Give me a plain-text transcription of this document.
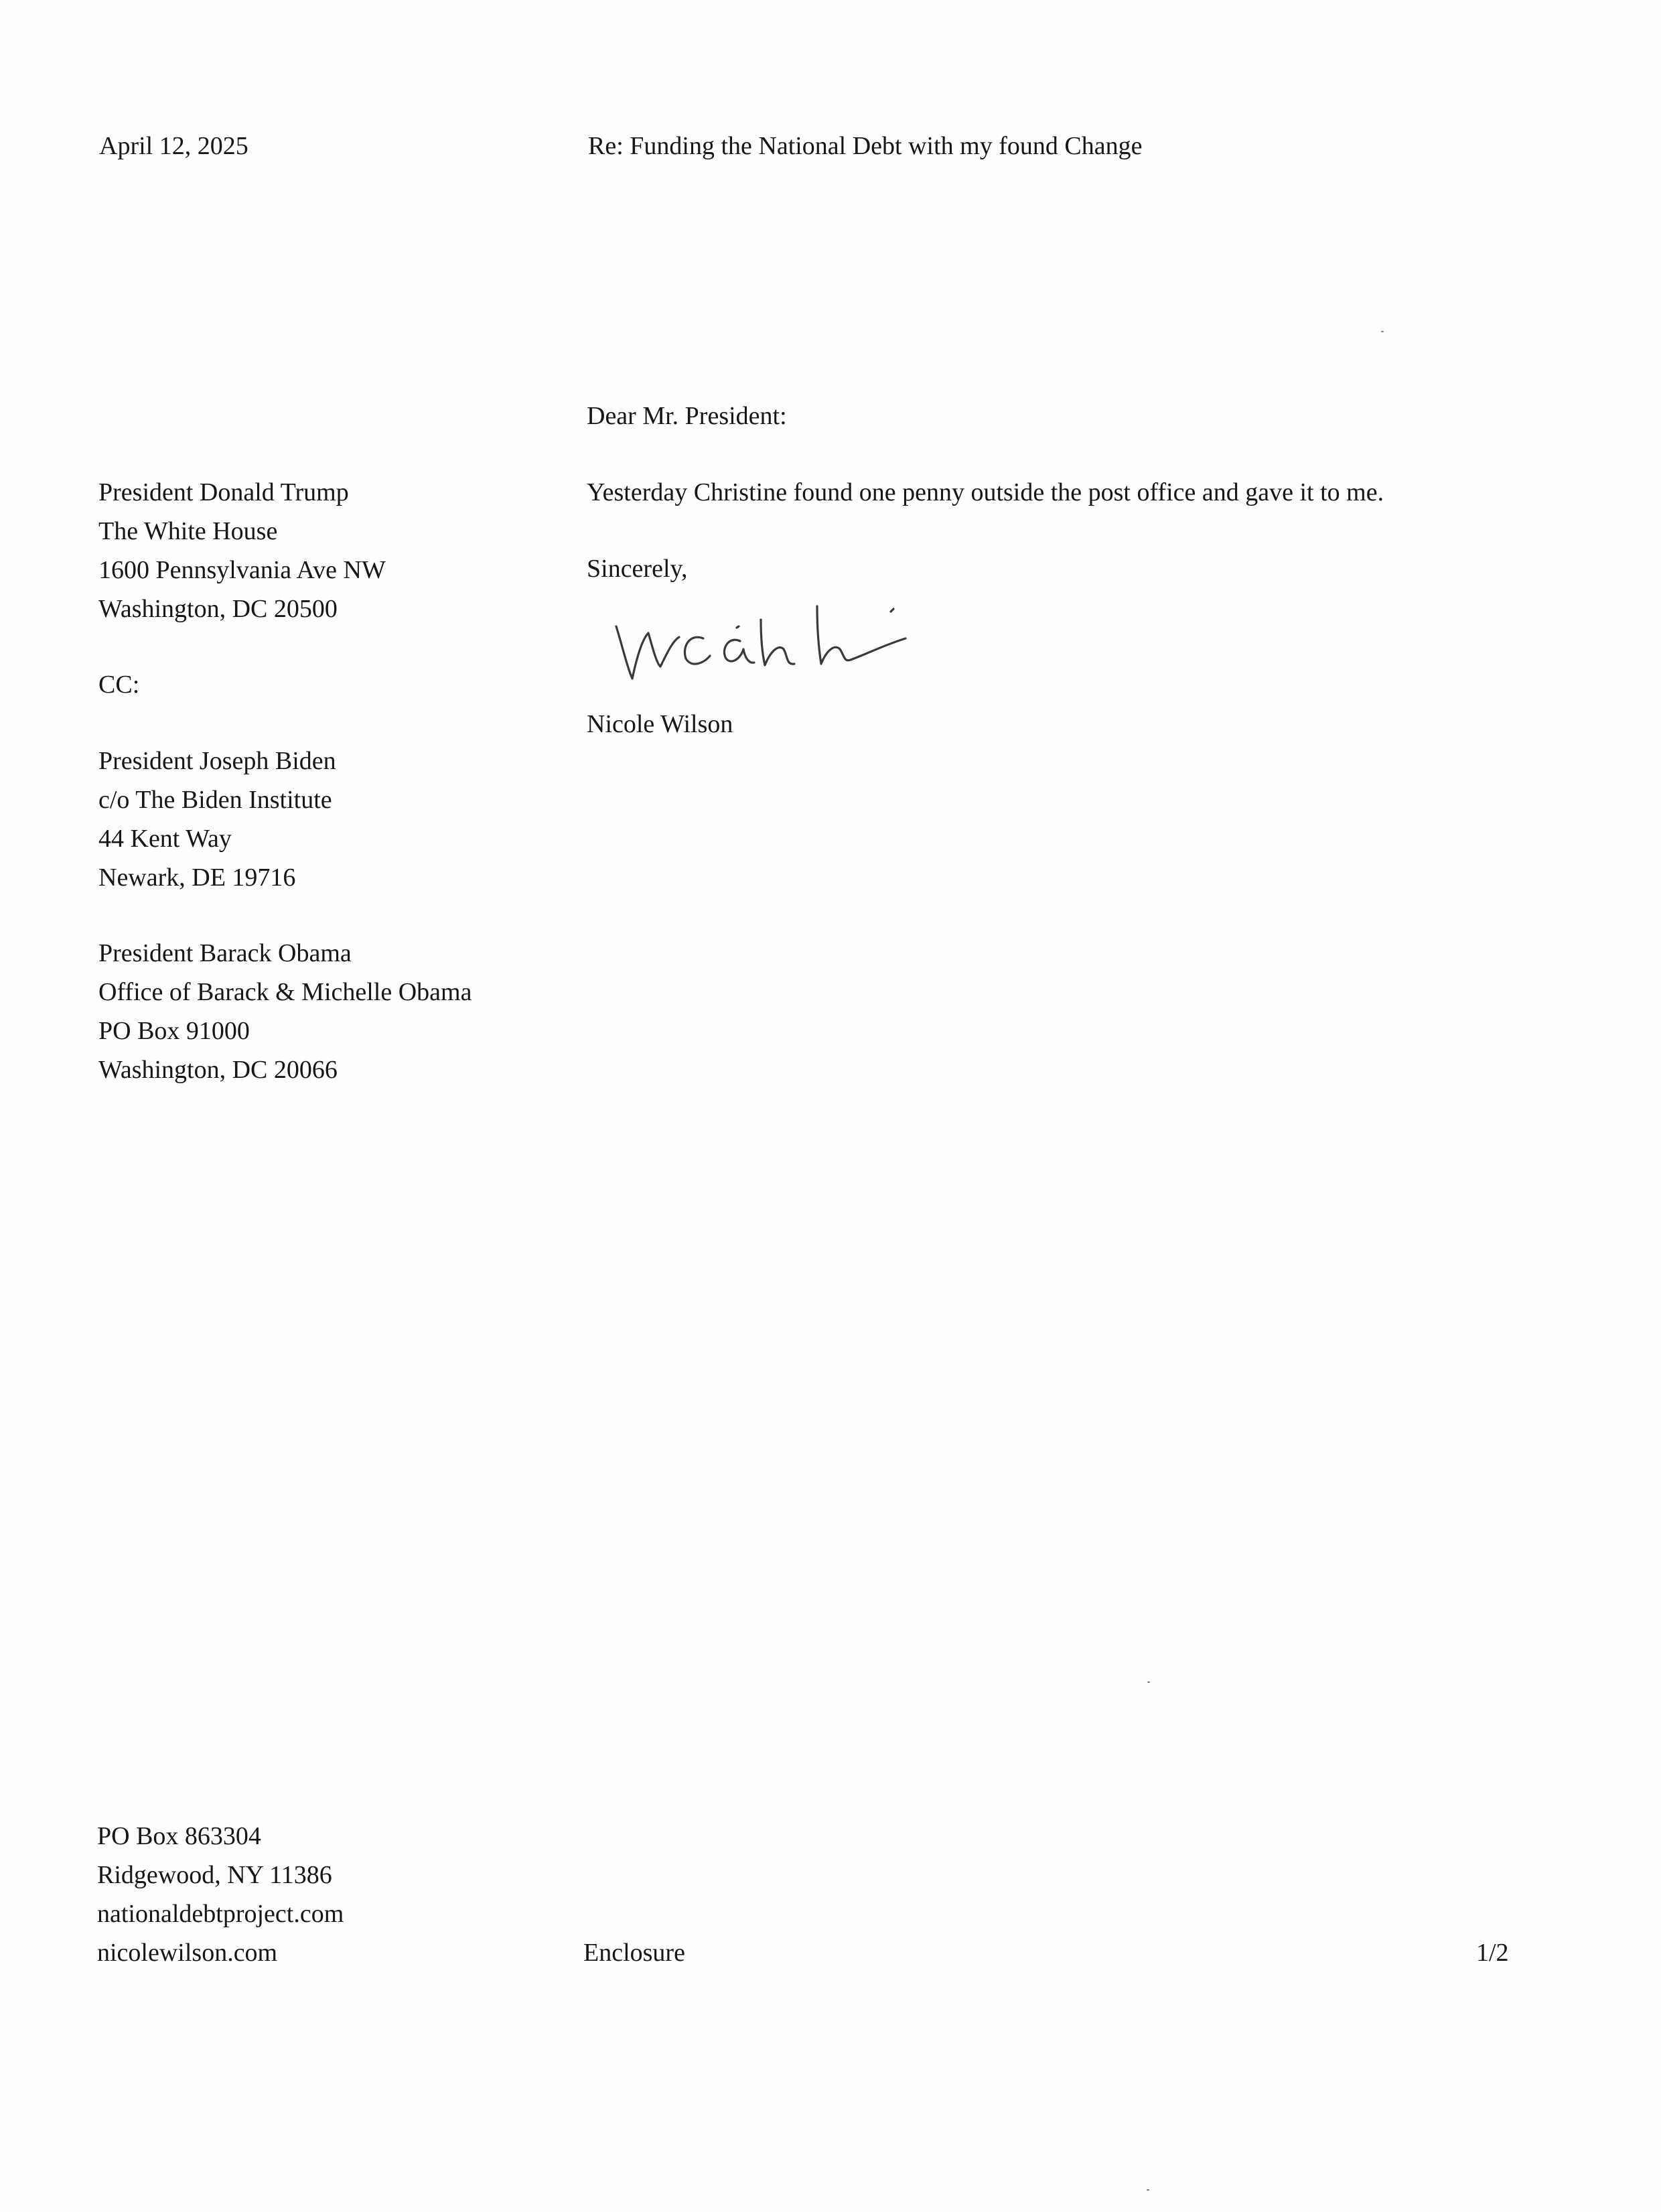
April 12, 2025	Re: Funding the National Debt with my found Change
Dear Mr. President:
President Donald Trump
The White House
1600 Pennsylvania Ave NW
Washington, DC 20500
Yesterday Christine found one penny outside the post office and gave it to me.
Sincerely,
Nicole Wilson
CC:
President Joseph Biden
c/o The Biden Institute
44 Kent Way
Newark, DE 19716
President Barack Obama
Office of Barack & Michelle Obama
PO Box 91000
Washington, DC 20066
PO Box 863304
Ridgewood, NY 11386
nationaldebtproject.com
nicolewilson.com	Enclosure	1/2
